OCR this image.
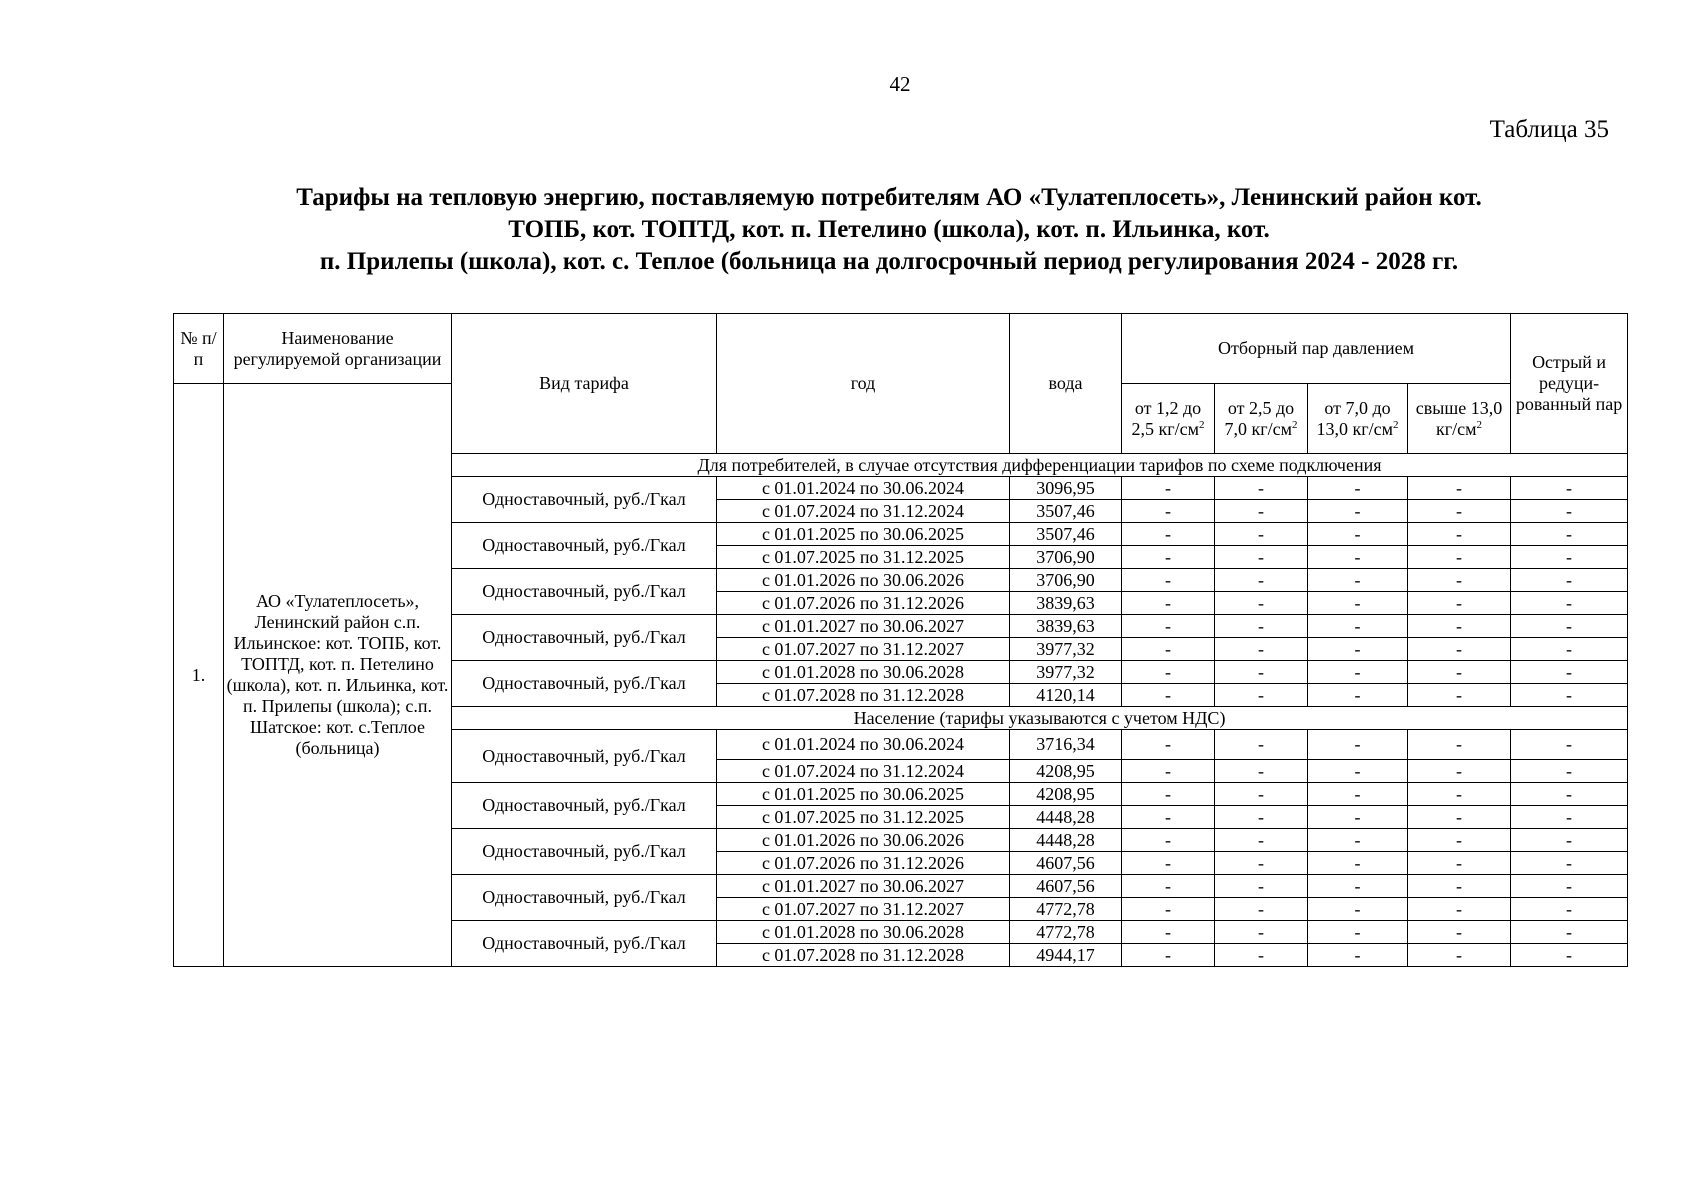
42
Таблица 35
Тарифы на тепловую энергию, поставляемую потребителям АО «Тулатеплосеть», Ленинский район кот.
ТОПБ, кот. ТОПТД, кот. п. Петелино (школа), кот. п. Ильинка, кот.
п. Прилепы (школа), кот. с. Теплое (больница на долгосрочный период регулирования 2024 - 2028 гг.
№ п/п	Наименование регулируемой организации	Вид тарифа	год	вода	Отборный пар давлением				Острый и редуци-рованный пар
1.	АО «Тулатеплосеть», Ленинский район с.п. Ильинское: кот. ТОПБ, кот. ТОПТД, кот. п. Петелино (школа), кот. п. Ильинка, кот. п. Прилепы (школа); с.п. Шатское: кот. с.Теплое (больница)				от 1,2 до 2,5 $кг/см^2$	от 2,5 до 7,0 $кг/см^2$	от 7,0 до 13,0 $кг/см^2$	свыше 13,0 $кг/см^2$
		Для потребителей, в случае отсутствия дифференциации тарифов по схеме подключения							
		Одноставочный, руб./Гкал	с 01.01.2024 по 30.06.2024	3096,95	-	-	-	-	-
			с 01.07.2024 по 31.12.2024	3507,46	-	-	-	-	-
		Одноставочный, руб./Гкал	с 01.01.2025 по 30.06.2025	3507,46	-	-	-	-	-
			с 01.07.2025 по 31.12.2025	3706,90	-	-	-	-	-
		Одноставочный, руб./Гкал	с 01.01.2026 по 30.06.2026	3706,90	-	-	-	-	-
			с 01.07.2026 по 31.12.2026	3839,63	-	-	-	-	-
		Одноставочный, руб./Гкал	с 01.01.2027 по 30.06.2027	3839,63	-	-	-	-	-
			с 01.07.2027 по 31.12.2027	3977,32	-	-	-	-	-
		Одноставочный, руб./Гкал	с 01.01.2028 по 30.06.2028	3977,32	-	-	-	-	-
			с 01.07.2028 по 31.12.2028	4120,14	-	-	-	-	-
		Население (тарифы указываются с учетом НДС)							
		Одноставочный, руб./Гкал	с 01.01.2024 по 30.06.2024	3716,34	-	-	-	-	-
			с 01.07.2024 по 31.12.2024	4208,95	-	-	-	-	-
		Одноставочный, руб./Гкал	с 01.01.2025 по 30.06.2025	4208,95	-	-	-	-	-
			с 01.07.2025 по 31.12.2025	4448,28	-	-	-	-	-
		Одноставочный, руб./Гкал	с 01.01.2026 по 30.06.2026	4448,28	-	-	-	-	-
			с 01.07.2026 по 31.12.2026	4607,56	-	-	-	-	-
		Одноставочный, руб./Гкал	с 01.01.2027 по 30.06.2027	4607,56	-	-	-	-	-
			с 01.07.2027 по 31.12.2027	4772,78	-	-	-	-	-
		Одноставочный, руб./Гкал	с 01.01.2028 по 30.06.2028	4772,78	-	-	-	-	-
			с 01.07.2028 по 31.12.2028	4944,17	-	-	-	-	-
